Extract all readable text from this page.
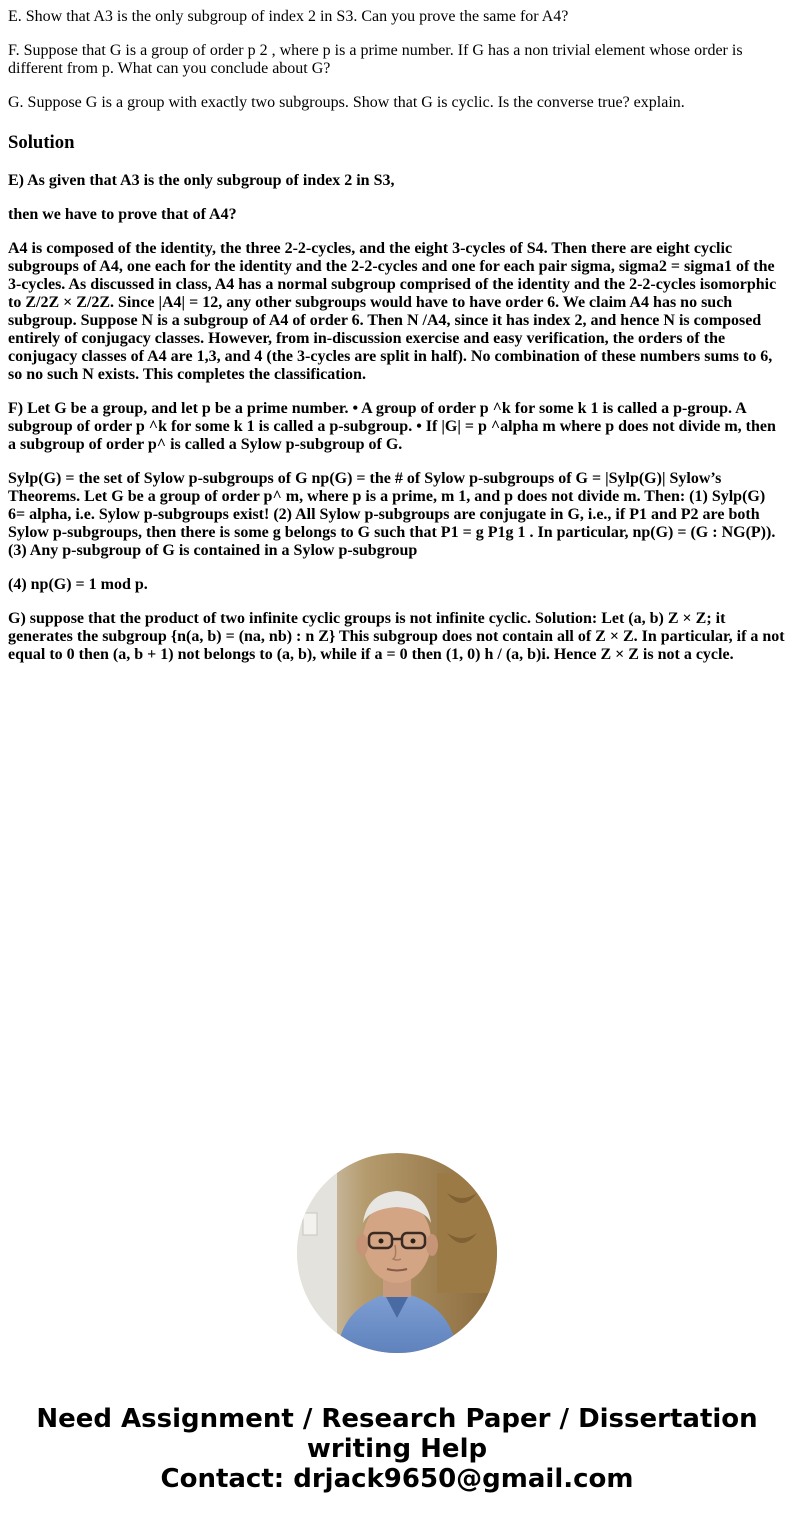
E. Show that A3 is the only subgroup of index 2 in S3. Can you prove the same for A4?

F. Suppose that G is a group of order p 2 , where p is a prime number. If G has a non trivial element whose order is different from p. What can you conclude about G?

G. Suppose G is a group with exactly two subgroups. Show that G is cyclic. Is the converse true? explain.

Solution

E) As given that A3 is the only subgroup of index 2 in S3,

then we have to prove that of A4?

A4 is composed of the identity, the three 2-2-cycles, and the eight 3-cycles of S4. Then there are eight cyclic subgroups of A4, one each for the identity and the 2-2-cycles and one for each pair sigma, sigma2 = sigma1 of the 3-cycles. As discussed in class, A4 has a normal subgroup comprised of the identity and the 2-2-cycles isomorphic to Z/2Z × Z/2Z. Since |A4| = 12, any other subgroups would have to have order 6. We claim A4 has no such subgroup. Suppose N is a subgroup of A4 of order 6. Then N /A4, since it has index 2, and hence N is composed entirely of conjugacy classes. However, from in-discussion exercise and easy verification, the orders of the conjugacy classes of A4 are 1,3, and 4 (the 3-cycles are split in half). No combination of these numbers sums to 6, so no such N exists. This completes the classification.

F) Let G be a group, and let p be a prime number. • A group of order p ^k for some k 1 is called a p-group. A subgroup of order p ^k for some k 1 is called a p-subgroup. • If |G| = p ^alpha m where p does not divide m, then a subgroup of order p^ is called a Sylow p-subgroup of G.

Sylp(G) = the set of Sylow p-subgroups of G np(G) = the # of Sylow p-subgroups of G = |Sylp(G)| Sylow’s Theorems. Let G be a group of order p^ m, where p is a prime, m 1, and p does not divide m. Then: (1) Sylp(G) 6= alpha, i.e. Sylow p-subgroups exist! (2) All Sylow p-subgroups are conjugate in G, i.e., if P1 and P2 are both Sylow p-subgroups, then there is some g belongs to G such that P1 = g P1g 1 . In particular, np(G) = (G : NG(P)). (3) Any p-subgroup of G is contained in a Sylow p-subgroup

(4) np(G) = 1 mod p.

G) suppose that the product of two infinite cyclic groups is not infinite cyclic. Solution: Let (a, b) Z × Z; it generates the subgroup {n(a, b) = (na, nb) : n Z} This subgroup does not contain all of Z × Z. In particular, if a not equal to 0 then (a, b + 1) not belongs to (a, b), while if a = 0 then (1, 0) h / (a, b)i. Hence Z × Z is not a cycle.

Need Assignment / Research Paper / Dissertation
writing Help
Contact: drjack9650@gmail.com
